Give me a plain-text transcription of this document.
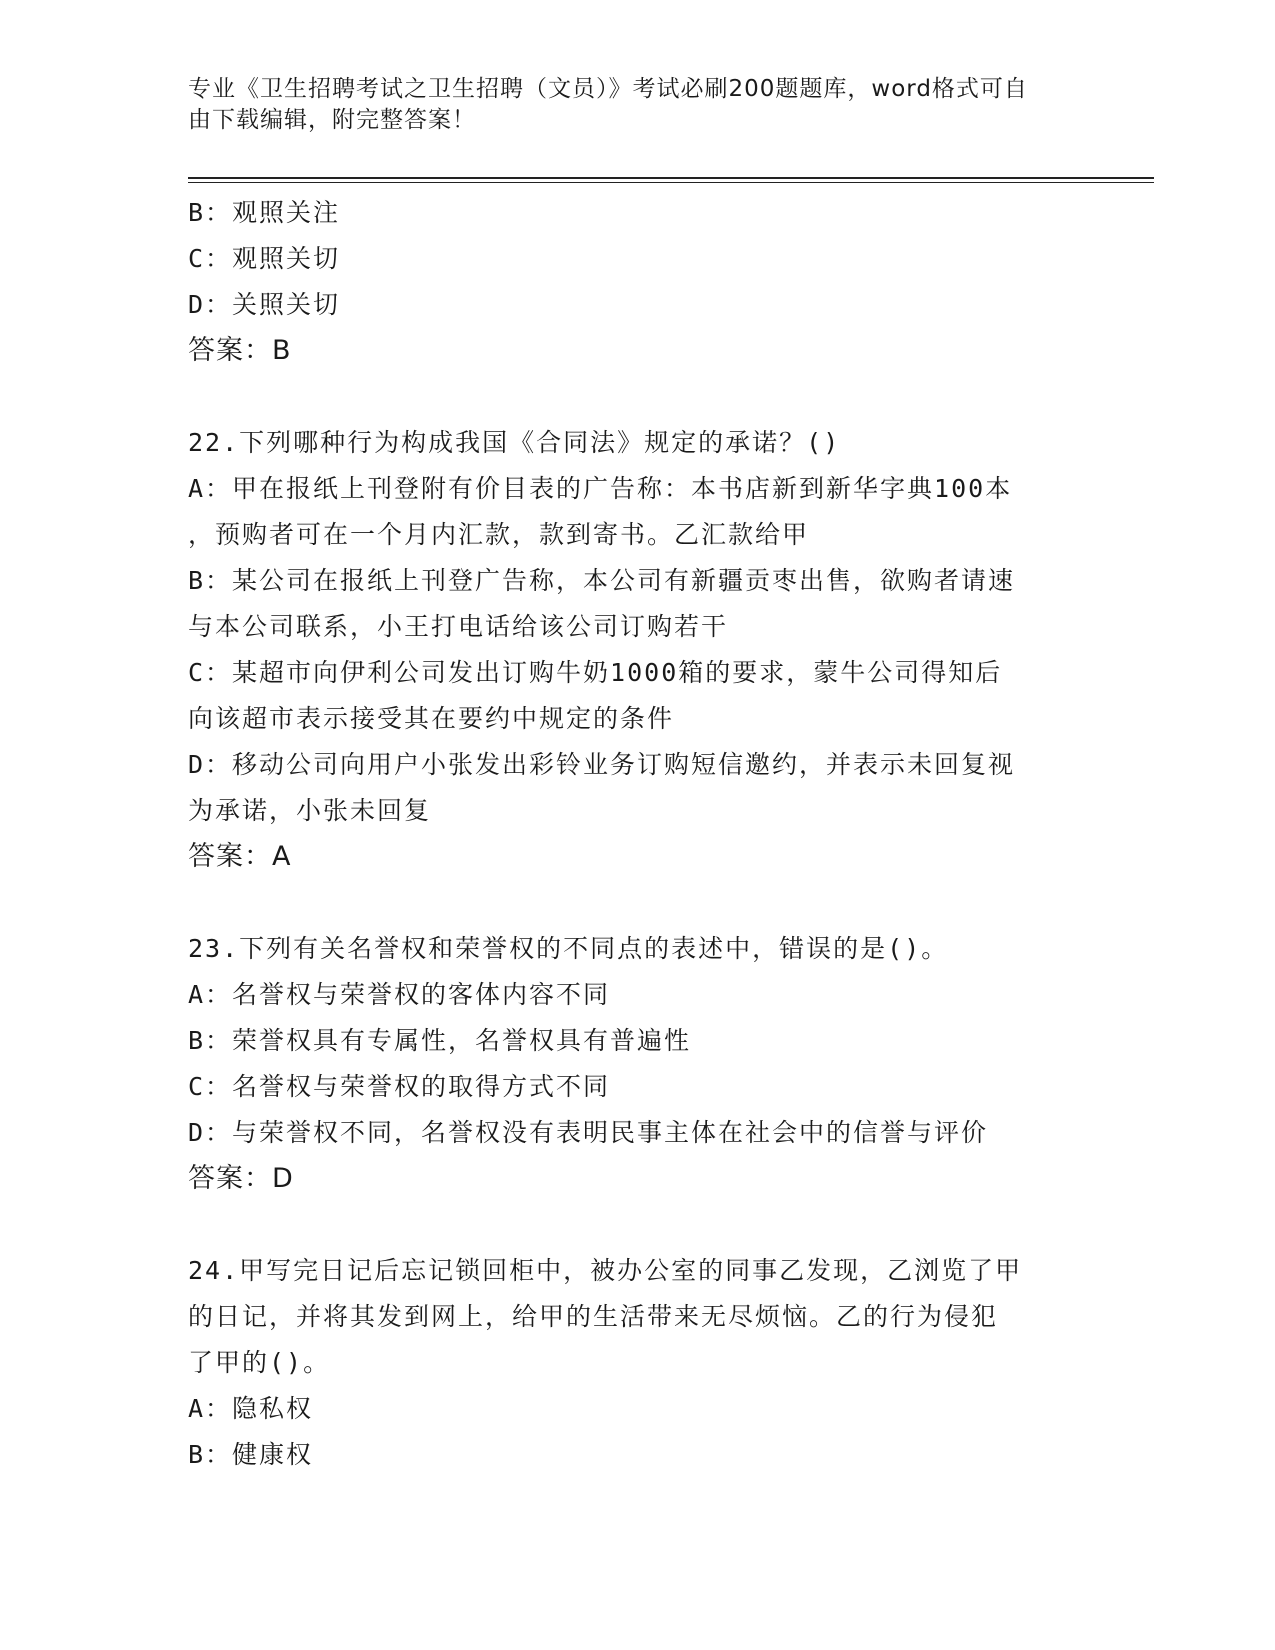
专业《卫生招聘考试之卫生招聘（文员）》考试必刷200题题库，word格式可自
由下载编辑，附完整答案！
B：观照关注
C：观照关切
D：关照关切
答案：B
22.下列哪种行为构成我国《合同法》规定的承诺？()
A：甲在报纸上刊登附有价目表的广告称：本书店新到新华字典100本
，预购者可在一个月内汇款，款到寄书。乙汇款给甲
B：某公司在报纸上刊登广告称，本公司有新疆贡枣出售，欲购者请速
与本公司联系，小王打电话给该公司订购若干
C：某超市向伊利公司发出订购牛奶1000箱的要求，蒙牛公司得知后
向该超市表示接受其在要约中规定的条件
D：移动公司向用户小张发出彩铃业务订购短信邀约，并表示未回复视
为承诺，小张未回复
答案：A
23.下列有关名誉权和荣誉权的不同点的表述中，错误的是()。
A：名誉权与荣誉权的客体内容不同
B：荣誉权具有专属性，名誉权具有普遍性
C：名誉权与荣誉权的取得方式不同
D：与荣誉权不同，名誉权没有表明民事主体在社会中的信誉与评价
答案：D
24.甲写完日记后忘记锁回柜中，被办公室的同事乙发现，乙浏览了甲
的日记，并将其发到网上，给甲的生活带来无尽烦恼。乙的行为侵犯
了甲的()。
A：隐私权
B：健康权
